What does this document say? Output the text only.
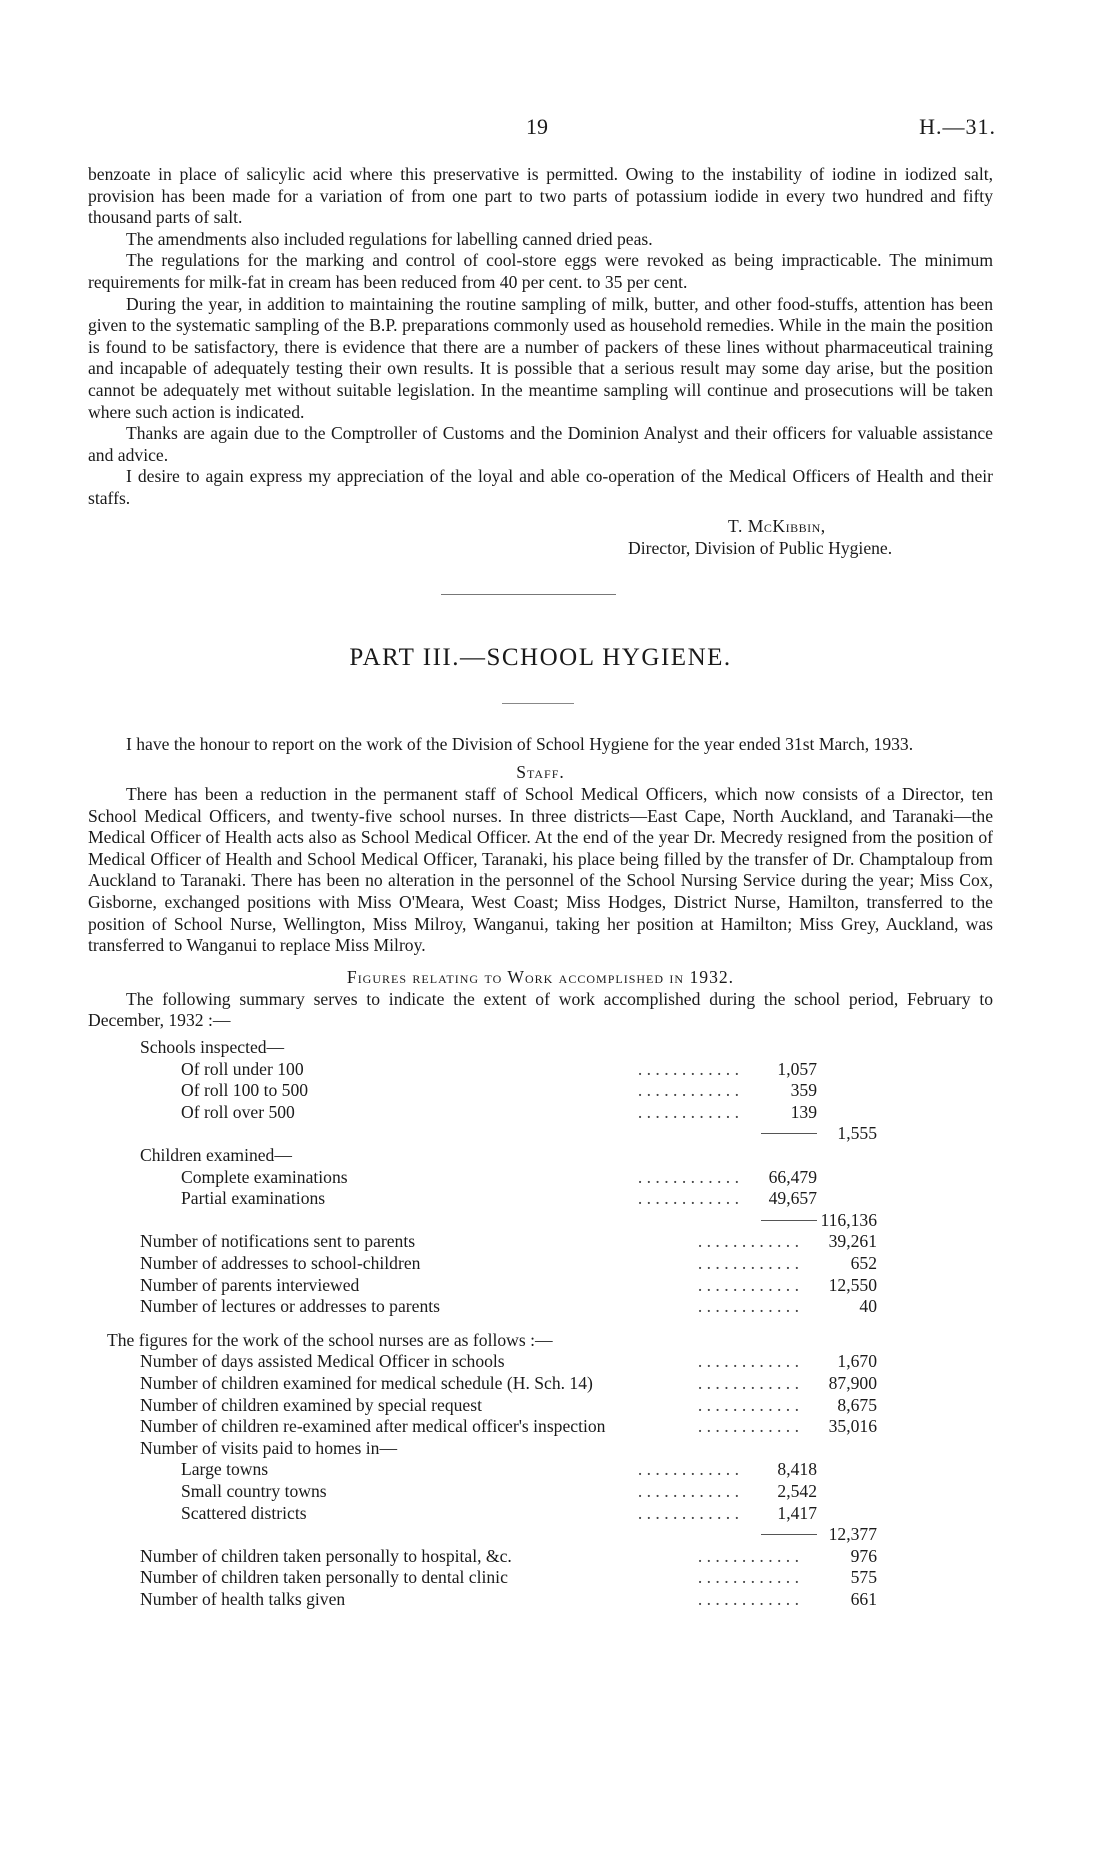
19	H.—31.

benzoate in place of salicylic acid where this preservative is permitted. Owing to the instability of iodine in iodized salt, provision has been made for a variation of from one part to two parts of potassium iodide in every two hundred and fifty thousand parts of salt.

The amendments also included regulations for labelling canned dried peas.

The regulations for the marking and control of cool-store eggs were revoked as being impracticable. The minimum requirements for milk-fat in cream has been reduced from 40 per cent. to 35 per cent.

During the year, in addition to maintaining the routine sampling of milk, butter, and other food-stuffs, attention has been given to the systematic sampling of the B.P. preparations commonly used as household remedies. While in the main the position is found to be satisfactory, there is evidence that there are a number of packers of these lines without pharmaceutical training and incapable of adequately testing their own results. It is possible that a serious result may some day arise, but the position cannot be adequately met without suitable legislation. In the meantime sampling will continue and prosecutions will be taken where such action is indicated.

Thanks are again due to the Comptroller of Customs and the Dominion Analyst and their officers for valuable assistance and advice.

I desire to again express my appreciation of the loyal and able co-operation of the Medical Officers of Health and their staffs.

T. McKibbin,
Director, Division of Public Hygiene.
PART III.—SCHOOL HYGIENE.

I have the honour to report on the work of the Division of School Hygiene for the year ended 31st March, 1933.

Staff.

There has been a reduction in the permanent staff of School Medical Officers, which now consists of a Director, ten School Medical Officers, and twenty-five school nurses. In three districts—East Cape, North Auckland, and Taranaki—the Medical Officer of Health acts also as School Medical Officer. At the end of the year Dr. Mecredy resigned from the position of Medical Officer of Health and School Medical Officer, Taranaki, his place being filled by the transfer of Dr. Champtaloup from Auckland to Taranaki. There has been no alteration in the personnel of the School Nursing Service during the year; Miss Cox, Gisborne, exchanged positions with Miss O'Meara, West Coast; Miss Hodges, District Nurse, Hamilton, transferred to the position of School Nurse, Wellington, Miss Milroy, Wanganui, taking her position at Hamilton; Miss Grey, Auckland, was transferred to Wanganui to replace Miss Milroy.

Figures relating to Work accomplished in 1932.

The following summary serves to indicate the extent of work accomplished during the school period, February to December, 1932 :—

Schools inspected—
Of roll under 100	. . . . . . . . . . . . 1,057
Of roll 100 to 500	. . . . . . . . . . . .	359
Of roll over 500	. . . . . . . . . . . .	139
1,555
Children examined—
Complete examinations	. . . . . . . . . . . . 66,479
Partial examinations	. . . . . . . . . . . . 49,657
116,136
Number of notifications sent to parents	. . . . . . . . . . . . 39,261
Number of addresses to school-children	. . . . . . . . . . . .	652
Number of parents interviewed	. . . . . . . . . . . . 12,550
Number of lectures or addresses to parents	. . . . . . . . . . . .	40
The figures for the work of the school nurses are as follows :—
Number of days assisted Medical Officer in schools	. . . . . . . . . . . . 1,670
Number of children examined for medical schedule (H. Sch. 14)	. . . . . . . . . . . . 87,900
Number of children examined by special request	. . . . . . . . . . . . 8,675
Number of children re-examined after medical officer's inspection	. . . . . . . . . . . . 35,016
Number of visits paid to homes in—
Large towns	. . . . . . . . . . . . 8,418
Small country towns	. . . . . . . . . . . . 2,542
Scattered districts	. . . . . . . . . . . . 1,417
12,377
Number of children taken personally to hospital, &c.	. . . . . . . . . . . .	976
Number of children taken personally to dental clinic	. . . . . . . . . . . .	575
Number of health talks given	. . . . . . . . . . . .	661
